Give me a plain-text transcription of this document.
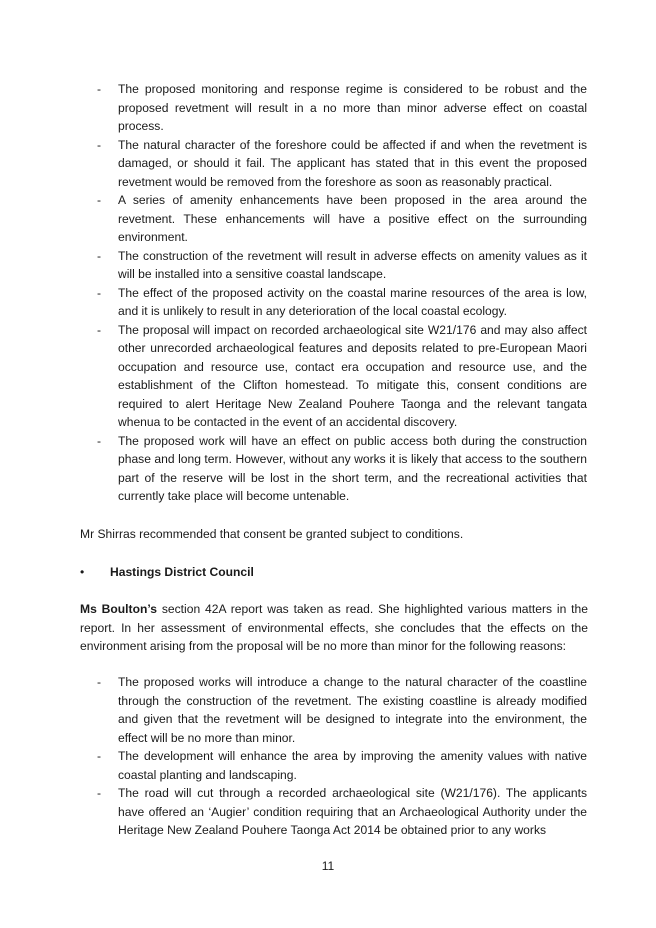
- The proposed monitoring and response regime is considered to be robust and the proposed revetment will result in a no more than minor adverse effect on coastal process.
- The natural character of the foreshore could be affected if and when the revetment is damaged, or should it fail. The applicant has stated that in this event the proposed revetment would be removed from the foreshore as soon as reasonably practical.
- A series of amenity enhancements have been proposed in the area around the revetment. These enhancements will have a positive effect on the surrounding environment.
- The construction of the revetment will result in adverse effects on amenity values as it will be installed into a sensitive coastal landscape.
- The effect of the proposed activity on the coastal marine resources of the area is low, and it is unlikely to result in any deterioration of the local coastal ecology.
- The proposal will impact on recorded archaeological site W21/176 and may also affect other unrecorded archaeological features and deposits related to pre-European Maori occupation and resource use, contact era occupation and resource use, and the establishment of the Clifton homestead. To mitigate this, consent conditions are required to alert Heritage New Zealand Pouhere Taonga and the relevant tangata whenua to be contacted in the event of an accidental discovery.
- The proposed work will have an effect on public access both during the construction phase and long term. However, without any works it is likely that access to the southern part of the reserve will be lost in the short term, and the recreational activities that currently take place will become untenable.

Mr Shirras recommended that consent be granted subject to conditions.

• Hastings District Council

Ms Boulton’s section 42A report was taken as read. She highlighted various matters in the report. In her assessment of environmental effects, she concludes that the effects on the environment arising from the proposal will be no more than minor for the following reasons:

- The proposed works will introduce a change to the natural character of the coastline through the construction of the revetment. The existing coastline is already modified and given that the revetment will be designed to integrate into the environment, the effect will be no more than minor.
- The development will enhance the area by improving the amenity values with native coastal planting and landscaping.
- The road will cut through a recorded archaeological site (W21/176). The applicants have offered an ‘Augier’ condition requiring that an Archaeological Authority under the Heritage New Zealand Pouhere Taonga Act 2014 be obtained prior to any works
11
